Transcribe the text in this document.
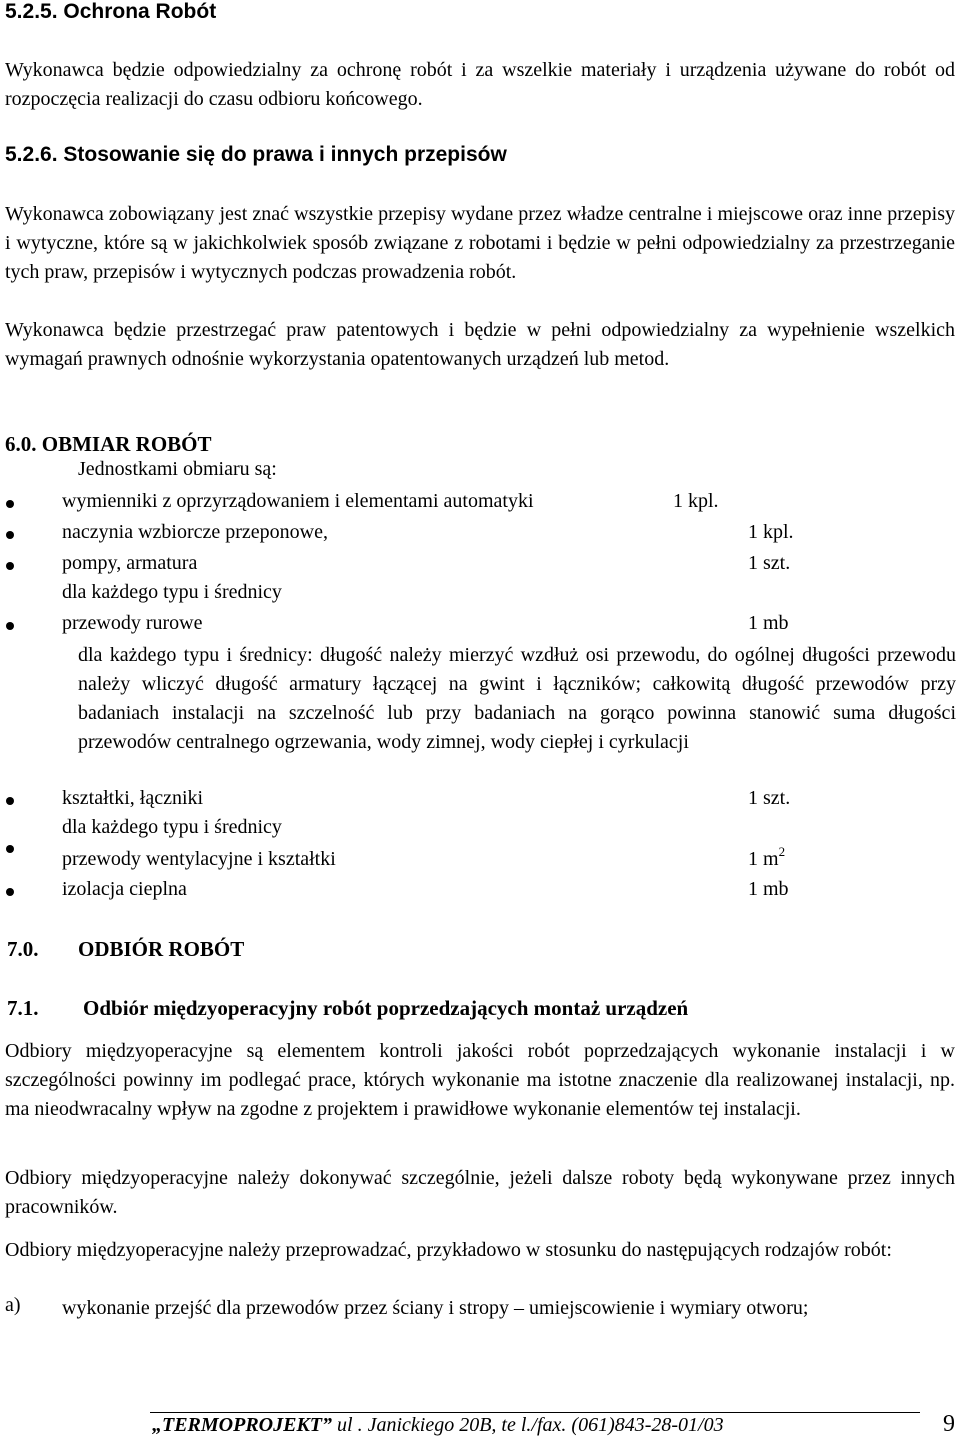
5.2.5. Ochrona Robót
Wykonawca będzie odpowiedzialny za ochronę robót i za wszelkie materiały i urządzenia używane do robót od rozpoczęcia realizacji do czasu odbioru końcowego.
5.2.6. Stosowanie się do prawa i innych przepisów
Wykonawca zobowiązany jest znać wszystkie przepisy wydane przez władze centralne i miejscowe oraz inne przepisy i wytyczne, które są w jakichkolwiek sposób związane z robotami i będzie w pełni odpowiedzialny za przestrzeganie tych praw, przepisów i wytycznych podczas prowadzenia robót.
Wykonawca będzie przestrzegać praw patentowych i będzie w pełni odpowiedzialny za wypełnienie wszelkich wymagań prawnych odnośnie wykorzystania opatentowanych urządzeń lub metod.
6.0. OBMIAR ROBÓT
Jednostkami obmiaru są:
wymienniki z oprzyrządowaniem i elementami automatyki	1 kpl.
naczynia wzbiorcze przeponowe,	1 kpl.
pompy, armatura	1 szt.
dla każdego typu i średnicy
przewody rurowe	1 mb
dla każdego typu i średnicy: długość należy mierzyć wzdłuż osi przewodu, do ogólnej długości przewodu należy wliczyć długość armatury łączącej na gwint i łączników; całkowitą długość przewodów przy badaniach instalacji na szczelność lub przy badaniach na gorąco powinna stanowić suma długości przewodów centralnego ogrzewania, wody zimnej, wody ciepłej i cyrkulacji
kształtki, łączniki	1 szt.
dla każdego typu i średnicy
przewody wentylacyjne i kształtki	1 $m^2$
izolacja cieplna	1 mb
7.0. ODBIÓR ROBÓT
7.1. Odbiór międzyoperacyjny robót poprzedzających montaż urządzeń
Odbiory międzyoperacyjne są elementem kontroli jakości robót poprzedzających wykonanie instalacji i w szczególności powinny im podlegać prace, których wykonanie ma istotne znaczenie dla realizowanej instalacji, np. ma nieodwracalny wpływ na zgodne z projektem i prawidłowe wykonanie elementów tej instalacji.
Odbiory międzyoperacyjne należy dokonywać szczególnie, jeżeli dalsze roboty będą wykonywane przez innych pracowników.
Odbiory międzyoperacyjne należy przeprowadzać, przykładowo w stosunku do następujących rodzajów robót:
a)	wykonanie przejść dla przewodów przez ściany i stropy – umiejscowienie i wymiary otworu;
„TERMOPROJEKT” ul . Janickiego 20B, te l./fax. (061)843-28-01/03	9
